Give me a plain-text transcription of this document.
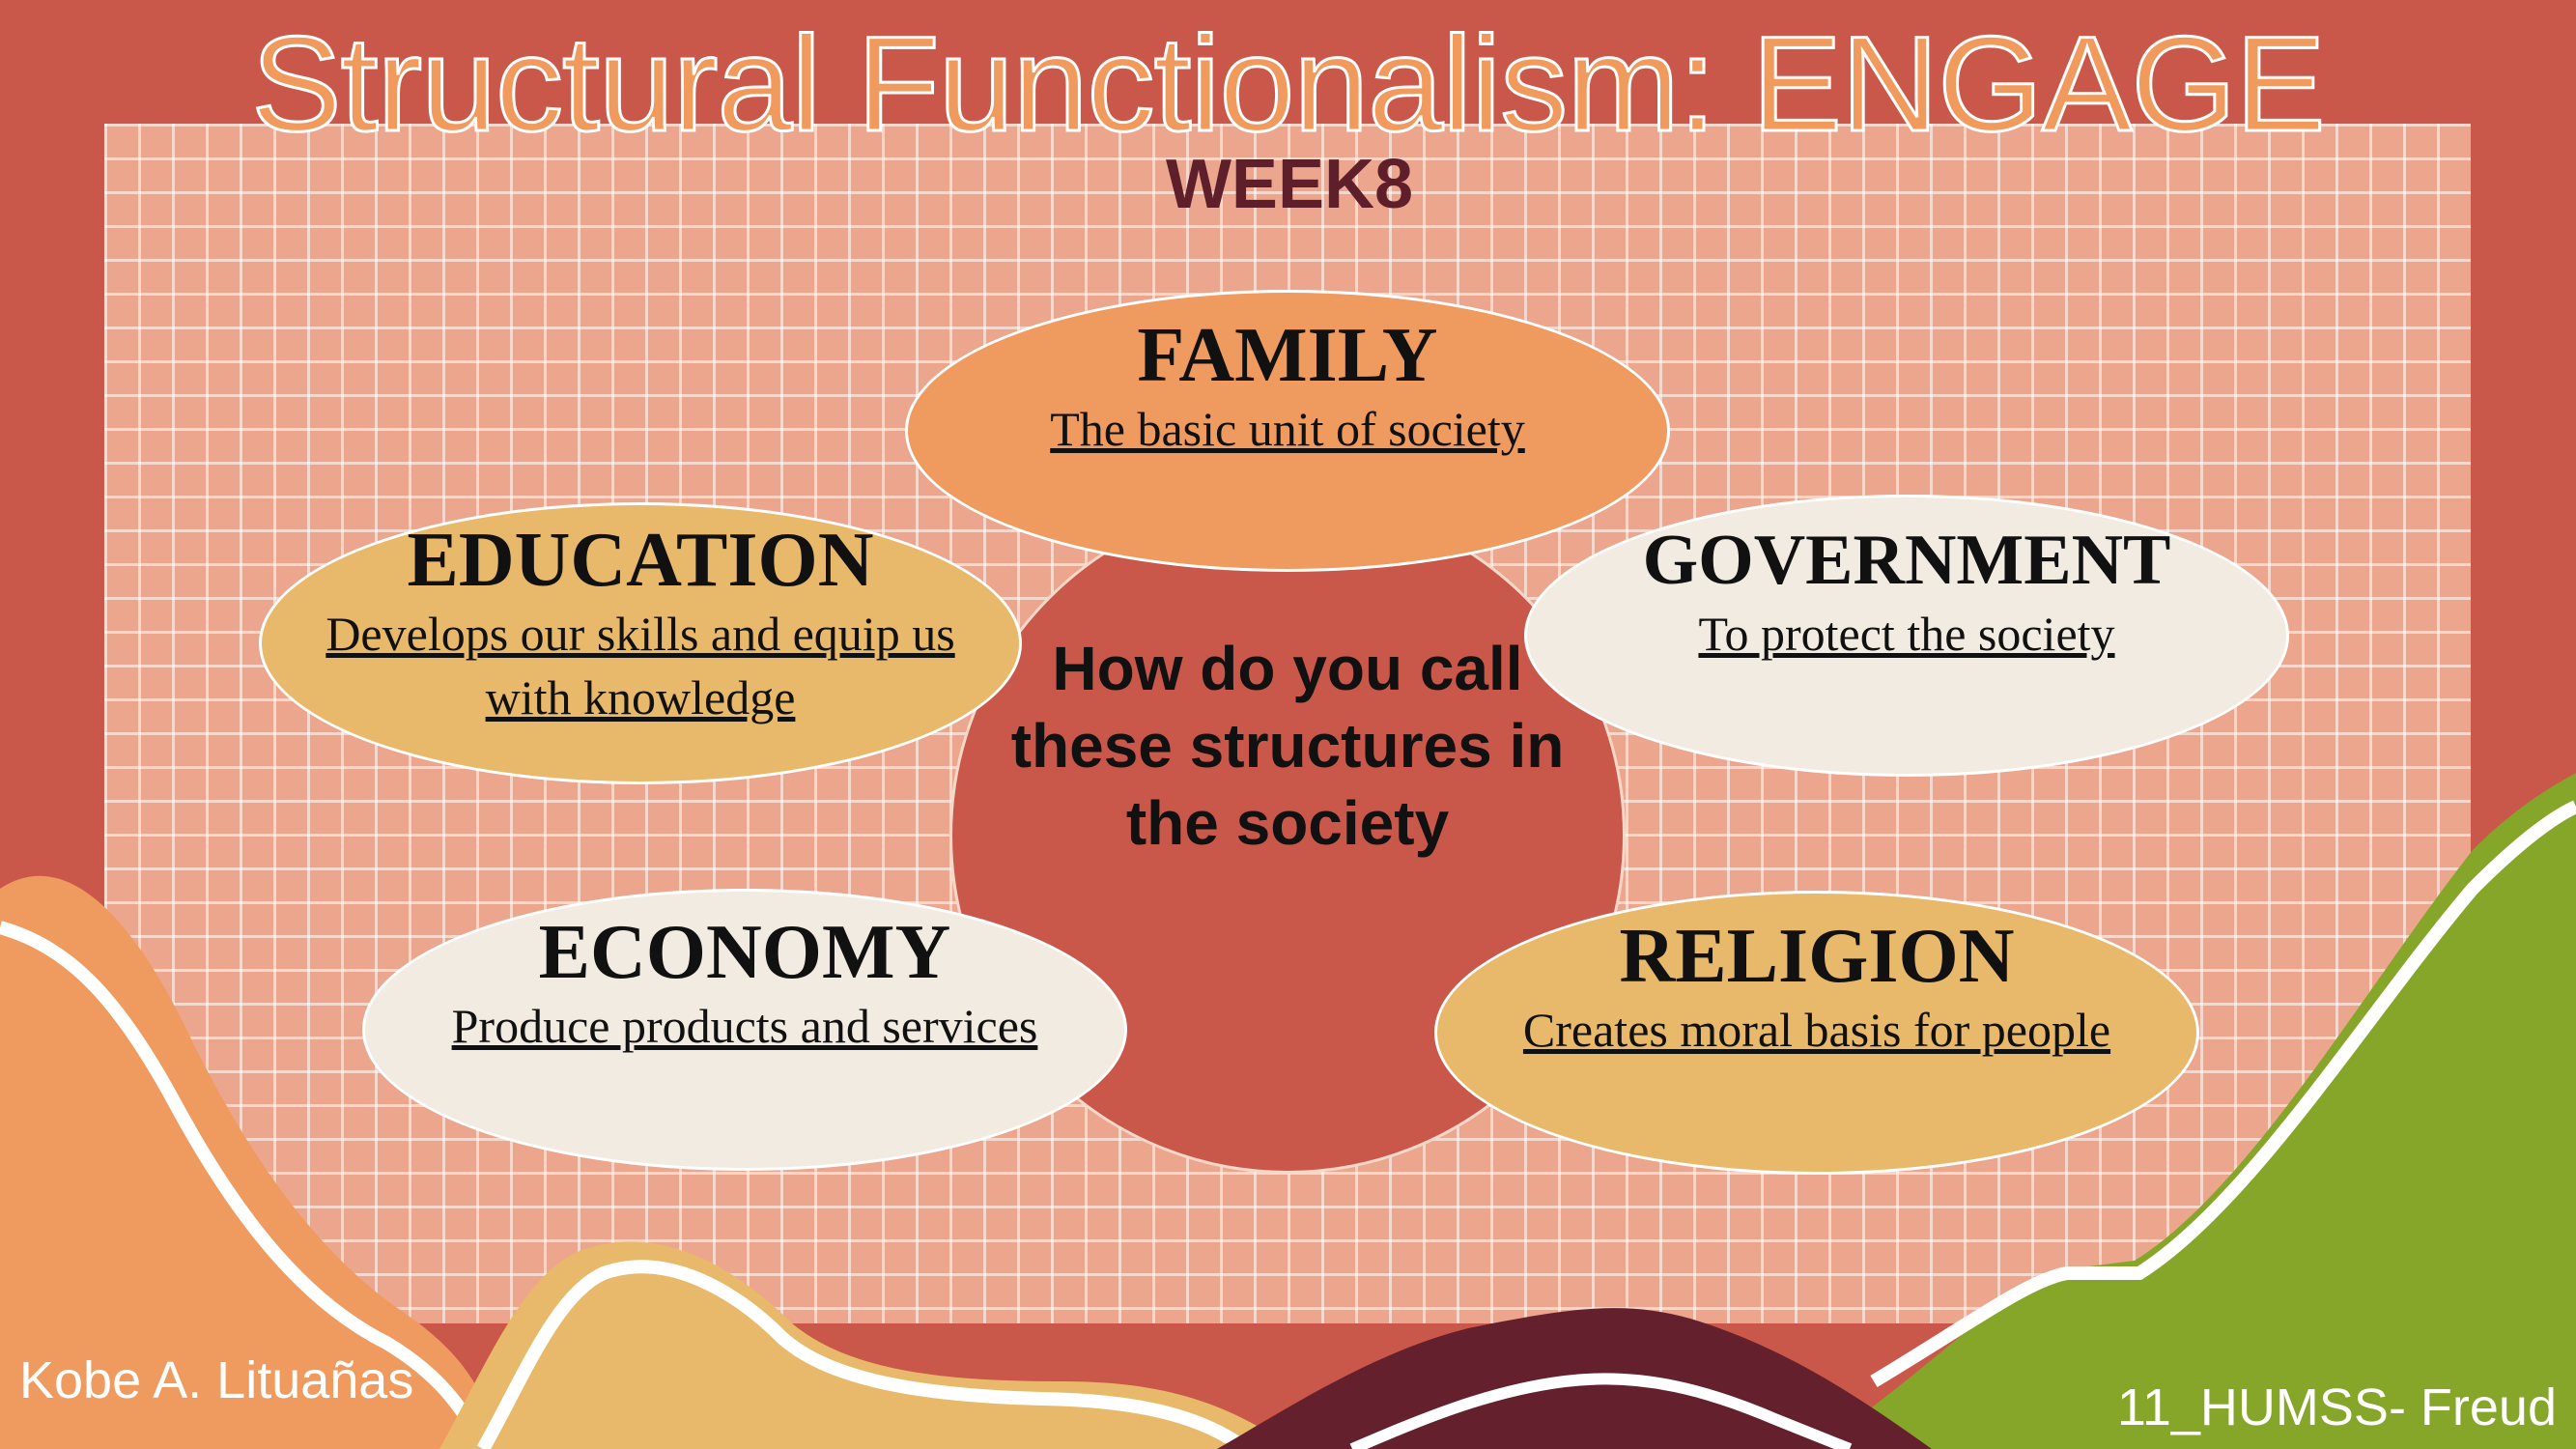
Structural Functionalism: ENGAGE
WEEK8
How do you call these structures in the society
FAMILY
The basic unit of society
EDUCATION
Develops our skills and equip us with knowledge
GOVERNMENT
To protect the society
ECONOMY
Produce products and services
RELIGION
Creates moral basis for people
Kobe A. Lituañas	11_HUMSS- Freud
